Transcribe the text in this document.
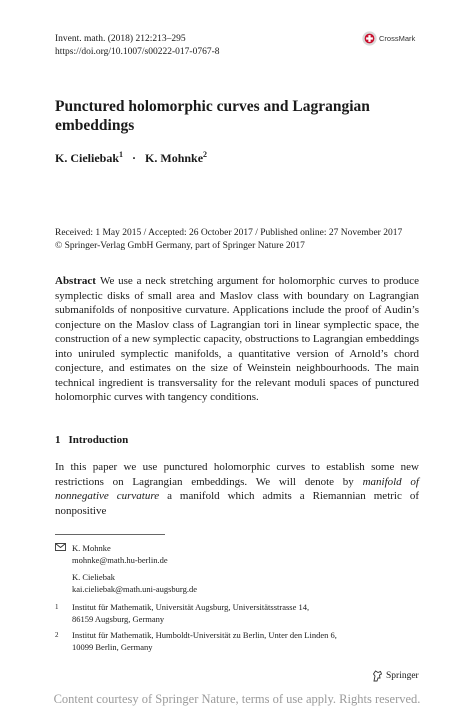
Invent. math. (2018) 212:213–295
https://doi.org/10.1007/s00222-017-0767-8
CrossMark
Punctured holomorphic curves and Lagrangian embeddings
K. Cieliebak$^1$ · K. Mohnke$^2$
Received: 1 May 2015 / Accepted: 26 October 2017 / Published online: 27 November 2017
© Springer-Verlag GmbH Germany, part of Springer Nature 2017

Abstract We use a neck stretching argument for holomorphic curves to produce symplectic disks of small area and Maslov class with boundary on Lagrangian submanifolds of nonpositive curvature. Applications include the proof of Audin’s conjecture on the Maslov class of Lagrangian tori in linear symplectic space, the construction of a new symplectic capacity, obstructions to Lagrangian embeddings into uniruled symplectic manifolds, a quantitative version of Arnold’s chord conjecture, and estimates on the size of Weinstein neighbourhoods. The main technical ingredient is transversality for the relevant moduli spaces of punctured holomorphic curves with tangency conditions.

1 Introduction

In this paper we use punctured holomorphic curves to establish some new restrictions on Lagrangian embeddings. We will denote by manifold of nonnegative curvature a manifold which admits a Riemannian metric of nonpositive

K. Mohnke
mohnke@math.hu-berlin.de
K. Cieliebak
kai.cieliebak@math.uni-augsburg.de
1	Institut für Mathematik, Universität Augsburg, Universitätsstrasse 14,
86159 Augsburg, Germany
2	Institut für Mathematik, Humboldt-Universität zu Berlin, Unter den Linden 6,
10099 Berlin, Germany
Springer
Content courtesy of Springer Nature, terms of use apply. Rights reserved.
